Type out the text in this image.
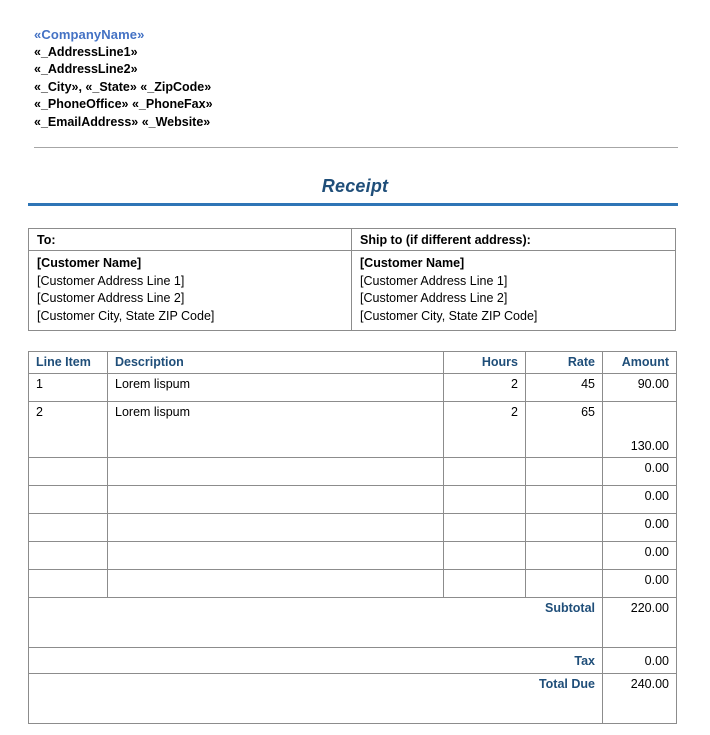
«CompanyName»
«_AddressLine1»
«_AddressLine2»
«_City», «_State» «_ZipCode»
«_PhoneOffice» «_PhoneFax»
«_EmailAddress» «_Website»
Receipt
To:
[Customer Name]
[Customer Address Line 1]
[Customer Address Line 2]
[Customer City, State ZIP Code]
Ship to (if different address):
[Customer Name]
[Customer Address Line 1]
[Customer Address Line 2]
[Customer City, State ZIP Code]
Line Item	Description	Hours	Rate	Amount
1	Lorem lispum	2	45	90.00
2	Lorem lispum	2	65	130.00
				0.00
				0.00
				0.00
				0.00
				0.00
Subtotal				220.00
Tax				0.00
Total Due				240.00
